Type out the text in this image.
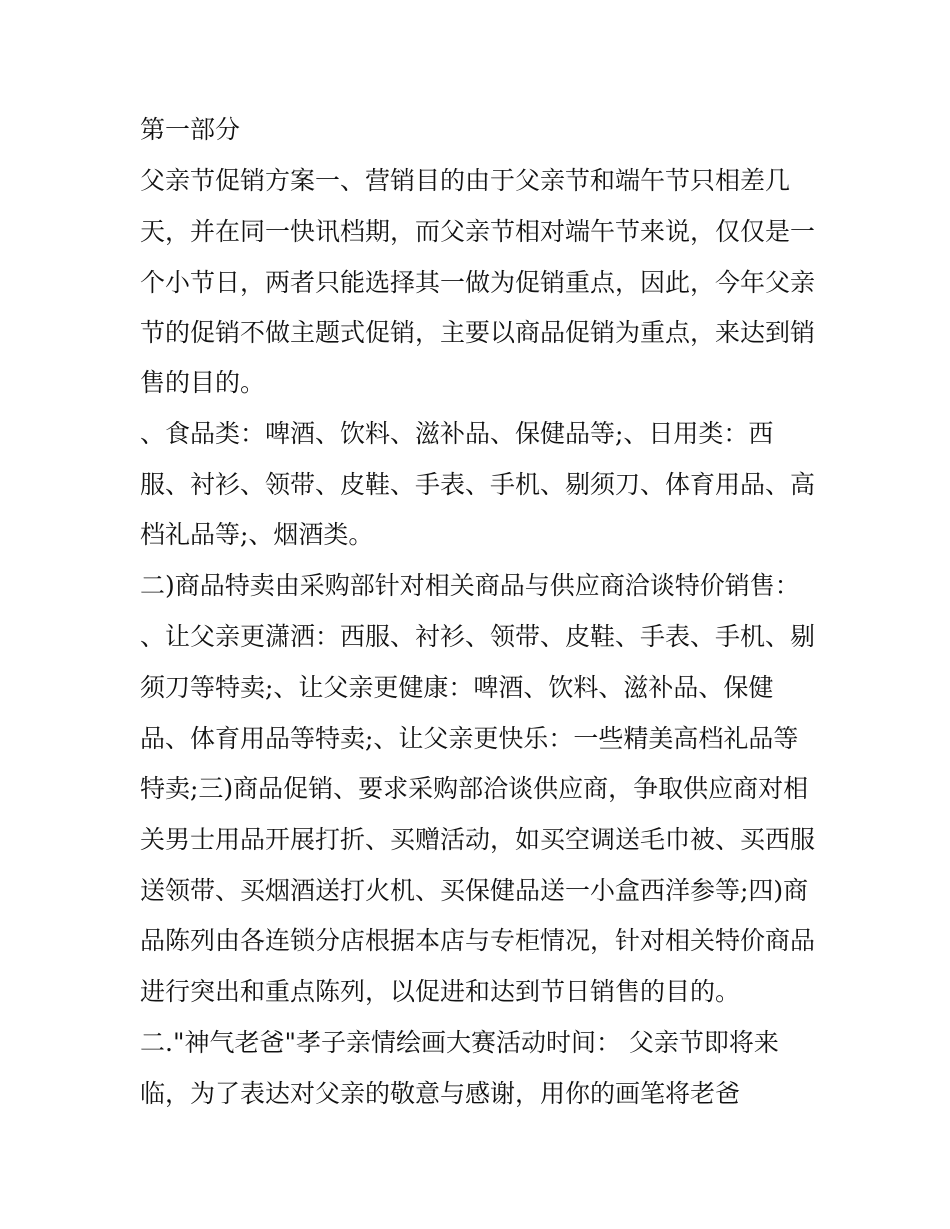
第一部分
父亲节促销方案一、营销目的由于父亲节和端午节只相差几
天，并在同一快讯档期，而父亲节相对端午节来说，仅仅是一
个小节日，两者只能选择其一做为促销重点，因此，今年父亲
节的促销不做主题式促销，主要以商品促销为重点，来达到销
售的目的。
、食品类：啤酒、饮料、滋补品、保健品等;、日用类：西
服、衬衫、领带、皮鞋、手表、手机、剔须刀、体育用品、高
档礼品等;、烟酒类。
二)商品特卖由采购部针对相关商品与供应商洽谈特价销售：
、让父亲更潇洒：西服、衬衫、领带、皮鞋、手表、手机、剔
须刀等特卖;、让父亲更健康：啤酒、饮料、滋补品、保健
品、体育用品等特卖;、让父亲更快乐：一些精美高档礼品等
特卖;三)商品促销、要求采购部洽谈供应商，争取供应商对相
关男士用品开展打折、买赠活动，如买空调送毛巾被、买西服
送领带、买烟酒送打火机、买保健品送一小盒西洋参等;四)商
品陈列由各连锁分店根据本店与专柜情况，针对相关特价商品
进行突出和重点陈列，以促进和达到节日销售的目的。
二."神气老爸"孝子亲情绘画大赛活动时间： 父亲节即将来
临，为了表达对父亲的敬意与感谢，用你的画笔将老爸
